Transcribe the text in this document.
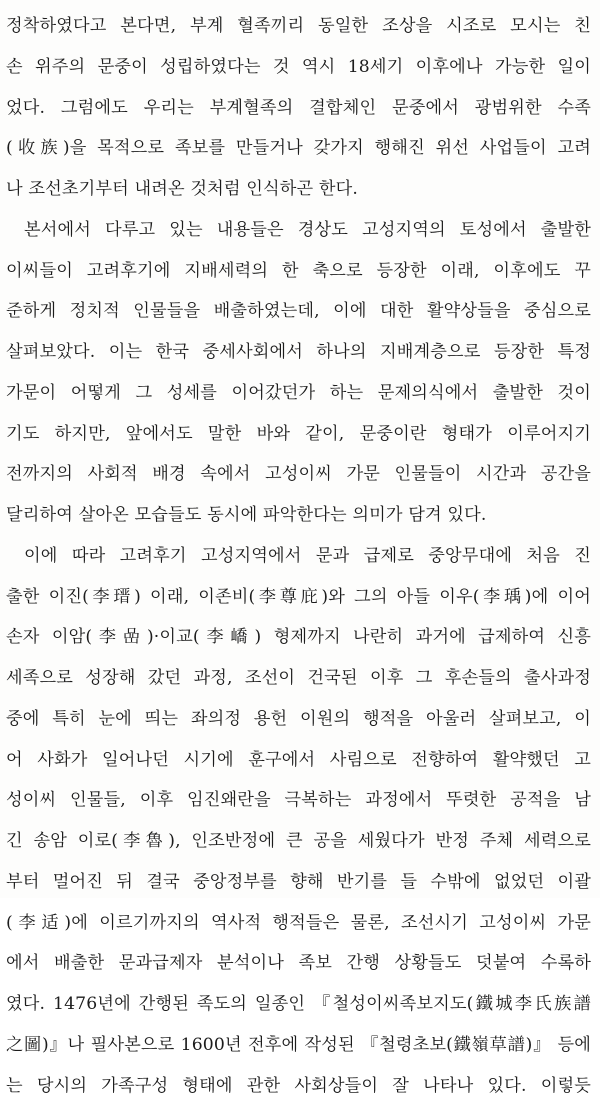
정착하였다고 본다면, 부계 혈족끼리 동일한 조상을 시조로 모시는 친
손 위주의 문중이 성립하였다는 것 역시 18세기 이후에나 가능한 일이
었다. 그럼에도 우리는 부계혈족의 결합체인 문중에서 광범위한 수족
(收族)을 목적으로 족보를 만들거나 갖가지 행해진 위선 사업들이 고려
나 조선초기부터 내려온 것처럼 인식하곤 한다.
본서에서 다루고 있는 내용들은 경상도 고성지역의 토성에서 출발한
이씨들이 고려후기에 지배세력의 한 축으로 등장한 이래, 이후에도 꾸
준하게 정치적 인물들을 배출하였는데, 이에 대한 활약상들을 중심으로
살펴보았다. 이는 한국 중세사회에서 하나의 지배계층으로 등장한 특정
가문이 어떻게 그 성세를 이어갔던가 하는 문제의식에서 출발한 것이
기도 하지만, 앞에서도 말한 바와 같이, 문중이란 형태가 이루어지기
전까지의 사회적 배경 속에서 고성이씨 가문 인물들이 시간과 공간을
달리하여 살아온 모습들도 동시에 파악한다는 의미가 담겨 있다.
이에 따라 고려후기 고성지역에서 문과 급제로 중앙무대에 처음 진
출한 이진(李瑨) 이래, 이존비(李尊庇)와 그의 아들 이우(李瑀)에 이어
손자 이암(李嵒)·이교(李嶠) 형제까지 나란히 과거에 급제하여 신흥
세족으로 성장해 갔던 과정, 조선이 건국된 이후 그 후손들의 출사과정
중에 특히 눈에 띄는 좌의정 용헌 이원의 행적을 아울러 살펴보고, 이
어 사화가 일어나던 시기에 훈구에서 사림으로 전향하여 활약했던 고
성이씨 인물들, 이후 임진왜란을 극복하는 과정에서 뚜렷한 공적을 남
긴 송암 이로(李魯), 인조반정에 큰 공을 세웠다가 반정 주체 세력으로
부터 멀어진 뒤 결국 중앙정부를 향해 반기를 들 수밖에 없었던 이괄
(李适)에 이르기까지의 역사적 행적들은 물론, 조선시기 고성이씨 가문
에서 배출한 문과급제자 분석이나 족보 간행 상황들도 덧붙여 수록하
였다. 1476년에 간행된 족도의 일종인 『철성이씨족보지도(鐵城李氏族譜
之圖)』나 필사본으로 1600년 전후에 작성된 『철령초보(鐵嶺草譜)』 등에
는 당시의 가족구성 형태에 관한 사회상들이 잘 나타나 있다. 이렇듯
